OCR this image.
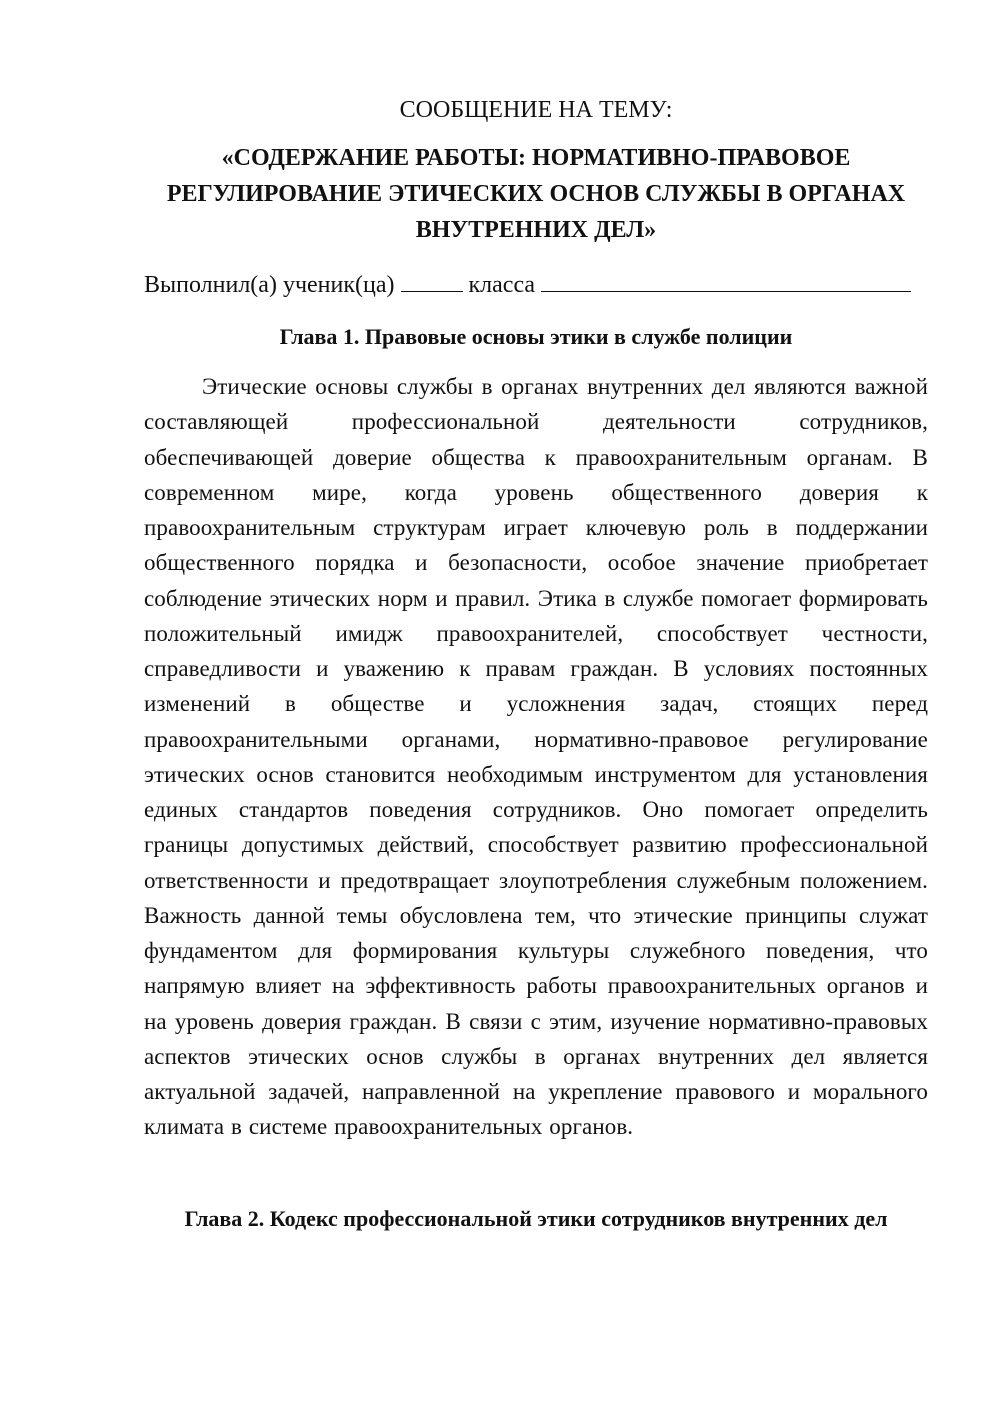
СООБЩЕНИЕ НА ТЕМУ:
«СОДЕРЖАНИЕ РАБОТЫ: НОРМАТИВНО-ПРАВОВОЕ
РЕГУЛИРОВАНИЕ ЭТИЧЕСКИХ ОСНОВ СЛУЖБЫ В ОРГАНАХ
ВНУТРЕННИХ ДЕЛ»
Выполнил(а) ученик(ца)	класса
Глава 1. Правовые основы этики в службе полиции

Этические основы службы в органах внутренних дел являются важной составляющей профессиональной деятельности сотрудников, обеспечивающей доверие общества к правоохранительным органам. В современном мире, когда уровень общественного доверия к правоохранительным структурам играет ключевую роль в поддержании общественного порядка и безопасности, особое значение приобретает соблюдение этических норм и правил. Этика в службе помогает формировать положительный имидж правоохранителей, способствует честности, справедливости и уважению к правам граждан. В условиях постоянных изменений в обществе и усложнения задач, стоящих перед правоохранительными органами, нормативно-правовое регулирование этических основ становится необходимым инструментом для установления единых стандартов поведения сотрудников. Оно помогает определить границы допустимых действий, способствует развитию профессиональной ответственности и предотвращает злоупотребления служебным положением. Важность данной темы обусловлена тем, что этические принципы служат фундаментом для формирования культуры служебного поведения, что напрямую влияет на эффективность работы правоохранительных органов и на уровень доверия граждан. В связи с этим, изучение нормативно-правовых аспектов этических основ службы в органах внутренних дел является актуальной задачей, направленной на укрепление правового и морального климата в системе правоохранительных органов.

Глава 2. Кодекс профессиональной этики сотрудников внутренних дел
